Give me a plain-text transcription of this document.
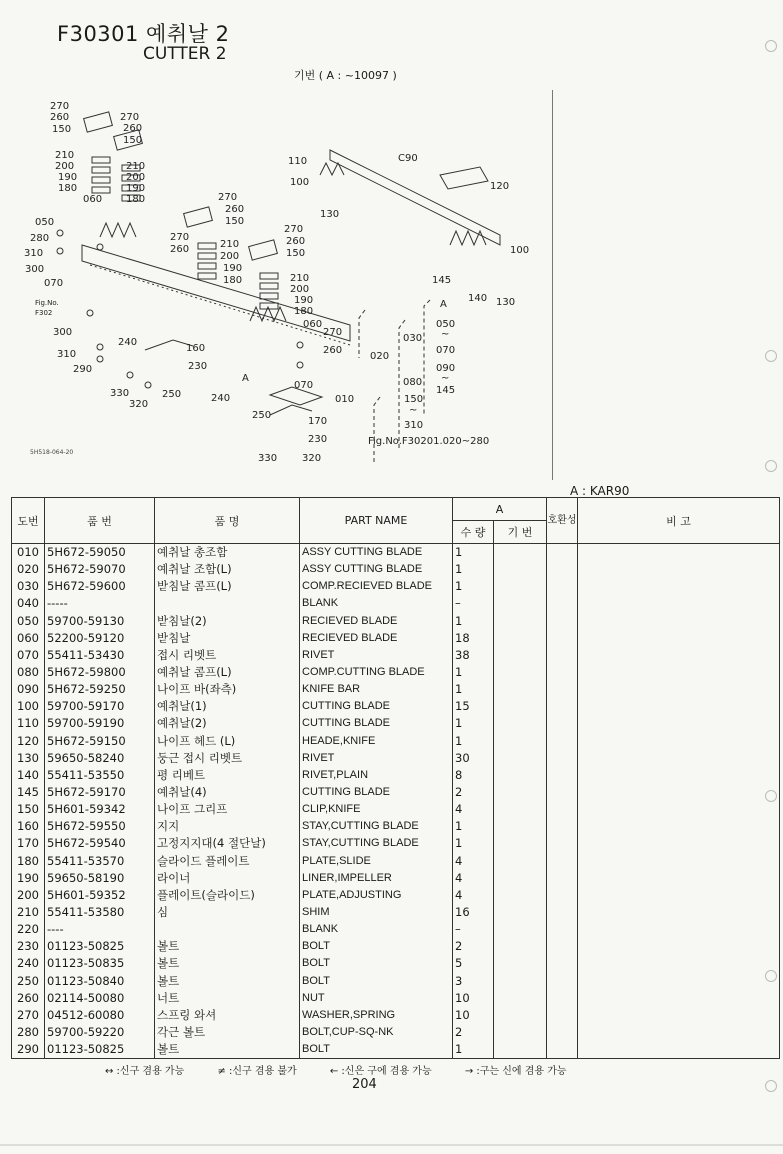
F30301 예취날 2
CUTTER 2
기번 ( A : ~10097 )
270
260
150
270
260
150
210
200
190
180
210
200
190
180
060
050
280
310
300
070
Fig.No.
F302
300
310
290
240
330
320
250
230
160
240
270
260
150
270
260	210
200
190
180
270
260
150
210
200
190
180
060
270
260
070
A
250
170
230
330 320
110	C90
100	120
130
100
145
140 130
A
050
~
070
030
020
090
~
145
080
010	150
~
310
Fig.No.F30201.020~280
5H518-064-20
A : KAR90
도번	품 번	품 명	PART NAME	A		호환성	비 고
				수 량	기 번		
010	5H672-59050	예취날 총조함	ASSY CUTTING BLADE	1			
020	5H672-59070	예취날 조함(L)	ASSY CUTTING BLADE	1			
030	5H672-59600	받침날 콤프(L)	COMP.RECIEVED BLADE	1			
040	-----		BLANK	–			
050	59700-59130	받침날(2)	RECIEVED BLADE	1			
060	52200-59120	받침날	RECIEVED BLADE	18			
070	55411-53430	접시 리벳트	RIVET	38			
080	5H672-59800	예취날 콤프(L)	COMP.CUTTING BLADE	1			
090	5H672-59250	나이프 바(좌측)	KNIFE BAR	1			
100	59700-59170	예취날(1)	CUTTING BLADE	15			
110	59700-59190	예취날(2)	CUTTING BLADE	1			
120	5H672-59150	나이프 헤드 (L)	HEADE,KNIFE	1			
130	59650-58240	둥근 접시 리벳트	RIVET	30			
140	55411-53550	평 리베트	RIVET,PLAIN	8			
145	5H672-59170	예취날(4)	CUTTING BLADE	2			
150	5H601-59342	나이프 그리프	CLIP,KNIFE	4			
160	5H672-59550	지지	STAY,CUTTING BLADE	1			
170	5H672-59540	고정지지대(4 절단날)	STAY,CUTTING BLADE	1			
180	55411-53570	슬라이드 플레이트	PLATE,SLIDE	4			
190	59650-58190	라이너	LINER,IMPELLER	4			
200	5H601-59352	플레이트(슬라이드)	PLATE,ADJUSTING	4			
210	55411-53580	심	SHIM	16			
220	----		BLANK	–			
230	01123-50825	볼트	BOLT	2			
240	01123-50835	볼트	BOLT	5			
250	01123-50840	볼트	BOLT	3			
260	02114-50080	너트	NUT	10			
270	04512-60080	스프링 와셔	WASHER,SPRING	10			
280	59700-59220	각근 볼트	BOLT,CUP-SQ-NK	2			
290	01123-50825	볼트	BOLT	1			
↔ :신구 겸용 가능	≠ :신구 겸용 불가	← :신은 구에 겸용 가능	→ :구는 신에 겸용 가능
204
